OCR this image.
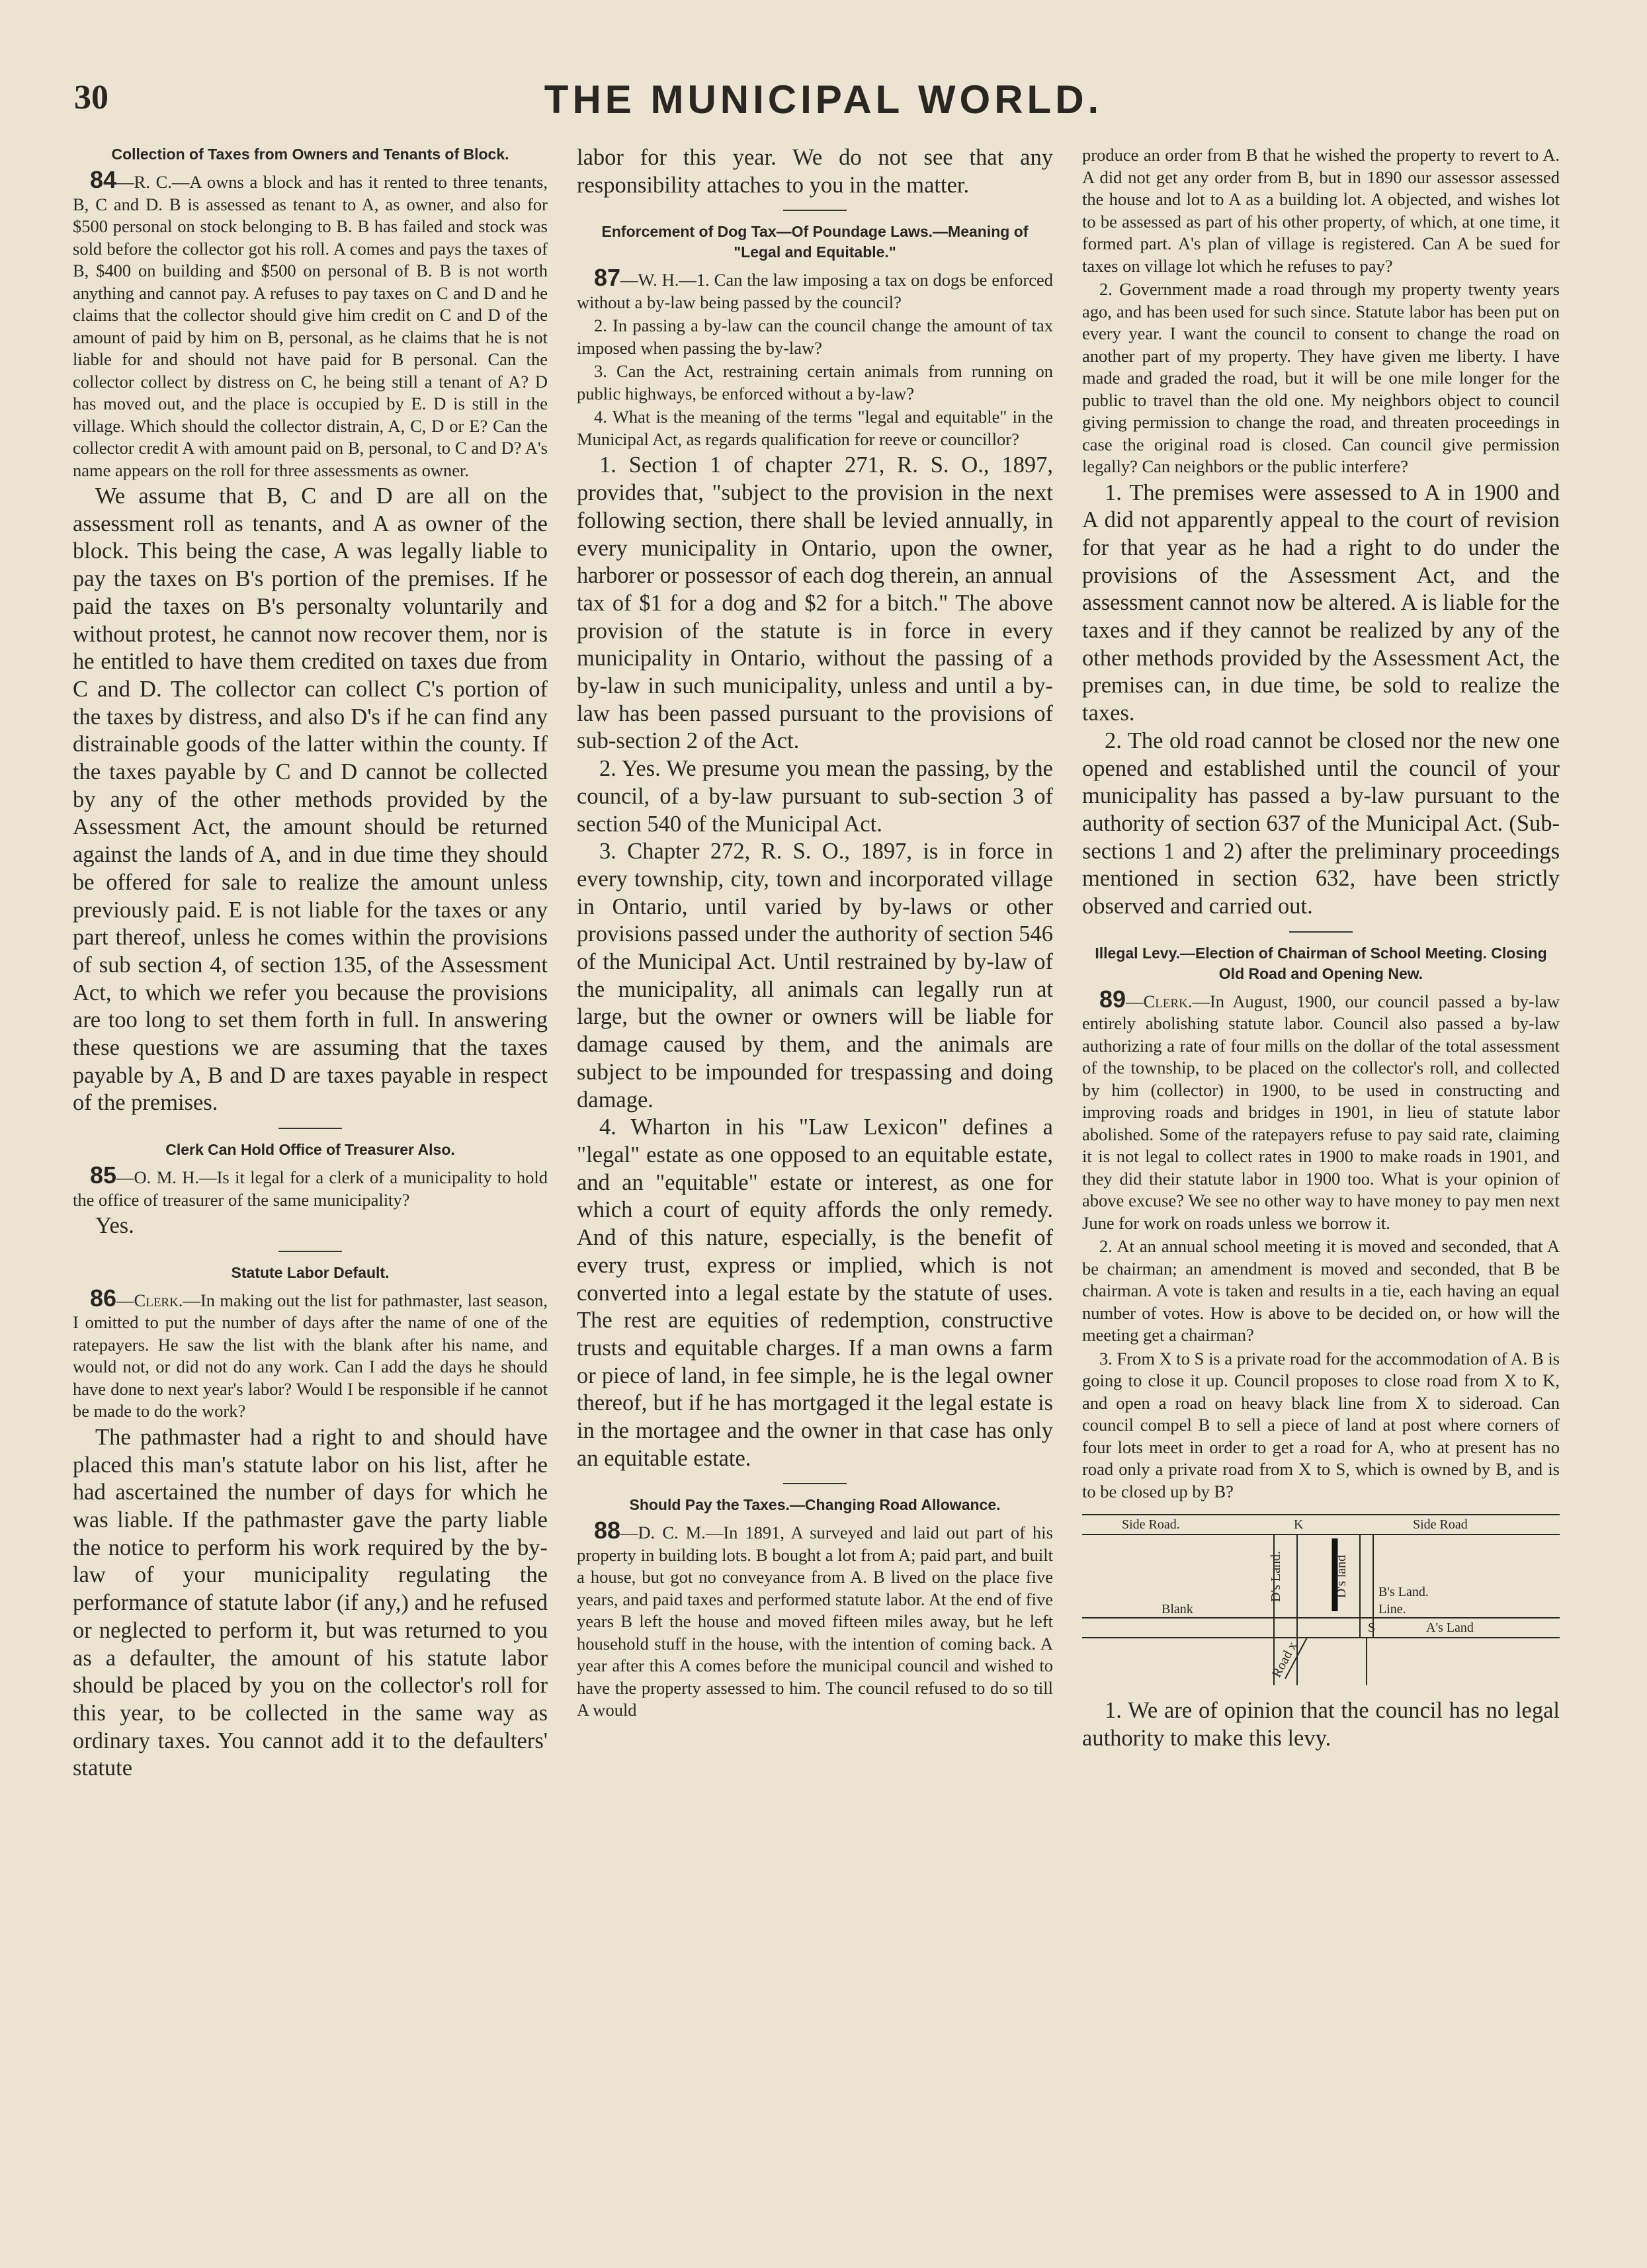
30	THE MUNICIPAL WORLD.
Collection of Taxes from Owners and Tenants of Block.

84—R. C.—A owns a block and has it rented to three tenants, B, C and D. B is assessed as tenant to A, as owner, and also for $500 personal on stock belonging to B. B has failed and stock was sold before the collector got his roll. A comes and pays the taxes of B, $400 on building and $500 on personal of B. B is not worth anything and cannot pay. A refuses to pay taxes on C and D and he claims that the collector should give him credit on C and D of the amount of paid by him on B, personal, as he claims that he is not liable for and should not have paid for B personal. Can the collector collect by distress on C, he being still a tenant of A? D has moved out, and the place is occupied by E. D is still in the village. Which should the collector distrain, A, C, D or E? Can the collector credit A with amount paid on B, personal, to C and D? A's name appears on the roll for three assessments as owner.

We assume that B, C and D are all on the assessment roll as tenants, and A as owner of the block. This being the case, A was legally liable to pay the taxes on B's portion of the premises. If he paid the taxes on B's personalty voluntarily and without protest, he cannot now recover them, nor is he entitled to have them credited on taxes due from C and D. The collector can collect C's portion of the taxes by distress, and also D's if he can find any distrainable goods of the latter within the county. If the taxes payable by C and D cannot be collected by any of the other methods provided by the Assessment Act, the amount should be returned against the lands of A, and in due time they should be offered for sale to realize the amount unless previously paid. E is not liable for the taxes or any part thereof, unless he comes within the provisions of sub section 4, of section 135, of the Assessment Act, to which we refer you because the provisions are too long to set them forth in full. In answering these questions we are assuming that the taxes payable by A, B and D are taxes payable in respect of the premises.

Clerk Can Hold Office of Treasurer Also.

85—O. M. H.—Is it legal for a clerk of a municipality to hold the office of treasurer of the same municipality?

Yes.

Statute Labor Default.

86—Clerk.—In making out the list for pathmaster, last season, I omitted to put the number of days after the name of one of the ratepayers. He saw the list with the blank after his name, and would not, or did not do any work. Can I add the days he should have done to next year's labor? Would I be responsible if he cannot be made to do the work?

The pathmaster had a right to and should have placed this man's statute labor on his list, after he had ascertained the number of days for which he was liable. If the pathmaster gave the party liable the notice to perform his work required by the by-law of your municipality regulating the performance of statute labor (if any,) and he refused or neglected to perform it, but was returned to you as a defaulter, the amount of his statute labor should be placed by you on the collector's roll for this year, to be collected in the same way as ordinary taxes. You cannot add it to the defaulters' statute

labor for this year. We do not see that any responsibility attaches to you in the matter.

Enforcement of Dog Tax—Of Poundage Laws.—Meaning of "Legal and Equitable."

87—W. H.—1. Can the law imposing a tax on dogs be enforced without a by-law being passed by the council?

2. In passing a by-law can the council change the amount of tax imposed when passing the by-law?

3. Can the Act, restraining certain animals from running on public highways, be enforced without a by-law?

4. What is the meaning of the terms "legal and equitable" in the Municipal Act, as regards qualification for reeve or councillor?

1. Section 1 of chapter 271, R. S. O., 1897, provides that, "subject to the provision in the next following section, there shall be levied annually, in every municipality in Ontario, upon the owner, harborer or possessor of each dog therein, an annual tax of $1 for a dog and $2 for a bitch." The above provision of the statute is in force in every municipality in Ontario, without the passing of a by-law in such municipality, unless and until a by-law has been passed pursuant to the provisions of sub-section 2 of the Act.

2. Yes. We presume you mean the passing, by the council, of a by-law pursuant to sub-section 3 of section 540 of the Municipal Act.

3. Chapter 272, R. S. O., 1897, is in force in every township, city, town and incorporated village in Ontario, until varied by by-laws or other provisions passed under the authority of section 546 of the Municipal Act. Until restrained by by-law of the municipality, all animals can legally run at large, but the owner or owners will be liable for damage caused by them, and the animals are subject to be impounded for trespassing and doing damage.

4. Wharton in his "Law Lexicon" defines a "legal" estate as one opposed to an equitable estate, and an "equitable" estate or interest, as one for which a court of equity affords the only remedy. And of this nature, especially, is the benefit of every trust, express or implied, which is not converted into a legal estate by the statute of uses. The rest are equities of redemption, constructive trusts and equitable charges. If a man owns a farm or piece of land, in fee simple, he is the legal owner thereof, but if he has mortgaged it the legal estate is in the mortagee and the owner in that case has only an equitable estate.

Should Pay the Taxes.—Changing Road Allowance.

88—D. C. M.—In 1891, A surveyed and laid out part of his property in building lots. B bought a lot from A; paid part, and built a house, but got no conveyance from A. B lived on the place five years, and paid taxes and performed statute labor. At the end of five years B left the house and moved fifteen miles away, but he left household stuff in the house, with the intention of coming back. A year after this A comes before the municipal council and wished to have the property assessed to him. The council refused to do so till A would

produce an order from B that he wished the property to revert to A. A did not get any order from B, but in 1890 our assessor assessed the house and lot to A as a building lot. A objected, and wishes lot to be assessed as part of his other property, of which, at one time, it formed part. A's plan of village is registered. Can A be sued for taxes on village lot which he refuses to pay?

2. Government made a road through my property twenty years ago, and has been used for such since. Statute labor has been put on every year. I want the council to consent to change the road on another part of my property. They have given me liberty. I have made and graded the road, but it will be one mile longer for the public to travel than the old one. My neighbors object to council giving permission to change the road, and threaten proceedings in case the original road is closed. Can council give permission legally? Can neighbors or the public interfere?

1. The premises were assessed to A in 1900 and A did not apparently appeal to the court of revision for that year as he had a right to do under the provisions of the Assessment Act, and the assessment cannot now be altered. A is liable for the taxes and if they cannot be realized by any of the other methods provided by the Assessment Act, the premises can, in due time, be sold to realize the taxes.

2. The old road cannot be closed nor the new one opened and established until the council of your municipality has passed a by-law pursuant to the authority of section 637 of the Municipal Act. (Sub-sections 1 and 2) after the preliminary proceedings mentioned in section 632, have been strictly observed and carried out.

Illegal Levy.—Election of Chairman of School Meeting. Closing Old Road and Opening New.

89—Clerk.—In August, 1900, our council passed a by-law entirely abolishing statute labor. Council also passed a by-law authorizing a rate of four mills on the dollar of the total assessment of the township, to be placed on the collector's roll, and collected by him (collector) in 1900, to be used in constructing and improving roads and bridges in 1901, in lieu of statute labor abolished. Some of the ratepayers refuse to pay said rate, claiming it is not legal to collect rates in 1900 to make roads in 1901, and they did their statute labor in 1900 too. What is your opinion of above excuse? We see no other way to have money to pay men next June for work on roads unless we borrow it.

2. At an annual school meeting it is moved and seconded, that A be chairman; an amendment is moved and seconded, that B be chairman. A vote is taken and results in a tie, each having an equal number of votes. How is above to be decided on, or how will the meeting get a chairman?

3. From X to S is a private road for the accommodation of A. B is going to close it up. Council proposes to close road from X to K, and open a road on heavy black line from X to sideroad. Can council compel B to sell a piece of land at post where corners of four lots meet in order to get a road for A, who at present has no road only a private road from X to S, which is owned by B, and is to be closed up by B?

Side Road.	K	Side Road
D's Land.	D's land
Blank
B's Land.
Line.
S	A's Land
Road x

1. We are of opinion that the council has no legal authority to make this levy.
